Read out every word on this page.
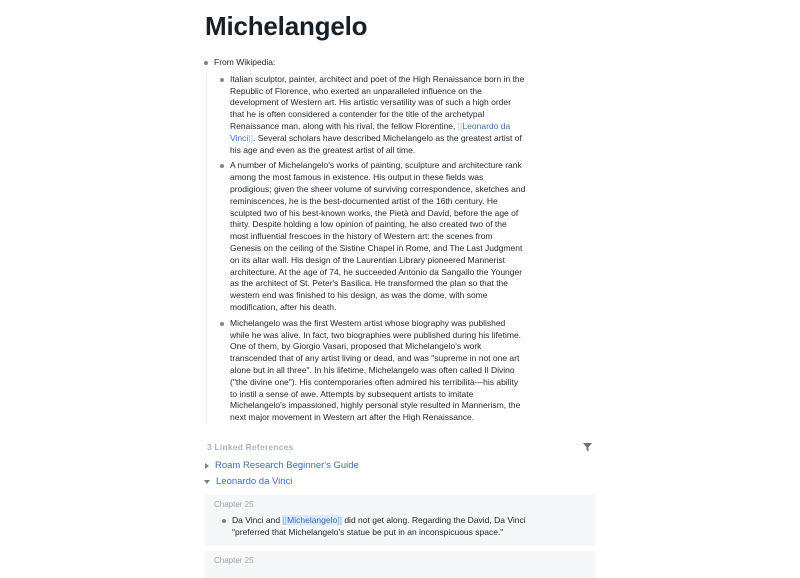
Michelangelo
From Wikipedia:
Italian sculptor, painter, architect and poet of the High Renaissance born in the Republic of Florence, who exerted an unparalleled influence on the development of Western art. His artistic versatility was of such a high order that he is often considered a contender for the title of the archetypal Renaissance man, along with his rival, the fellow Florentine, [[Leonardo da Vinci]]. Several scholars have described Michelangelo as the greatest artist of his age and even as the greatest artist of all time.
A number of Michelangelo's works of painting, sculpture and architecture rank among the most famous in existence. His output in these fields was prodigious; given the sheer volume of surviving correspondence, sketches and reminiscences, he is the best-documented artist of the 16th century. He sculpted two of his best-known works, the Pietà and David, before the age of thirty. Despite holding a low opinion of painting, he also created two of the most influential frescoes in the history of Western art: the scenes from Genesis on the ceiling of the Sistine Chapel in Rome, and The Last Judgment on its altar wall. His design of the Laurentian Library pioneered Mannerist architecture. At the age of 74, he succeeded Antonio da Sangallo the Younger as the architect of St. Peter's Basilica. He transformed the plan so that the western end was finished to his design, as was the dome, with some modification, after his death.
Michelangelo was the first Western artist whose biography was published while he was alive. In fact, two biographies were published during his lifetime. One of them, by Giorgio Vasari, proposed that Michelangelo's work transcended that of any artist living or dead, and was "supreme in not one art alone but in all three". In his lifetime, Michelangelo was often called Il Divino ("the divine one"). His contemporaries often admired his terribilità—his ability to instil a sense of awe. Attempts by subsequent artists to imitate Michelangelo's impassioned, highly personal style resulted in Mannerism, the next major movement in Western art after the High Renaissance.
3 Linked References
Roam Research Beginner's Guide
Leonardo da Vinci
Chapter 25
Da Vinci and [[Michelangelo]] did not get along. Regarding the David, Da Vinci "preferred that Michelangelo's statue be put in an inconspicuous space."
Chapter 25
